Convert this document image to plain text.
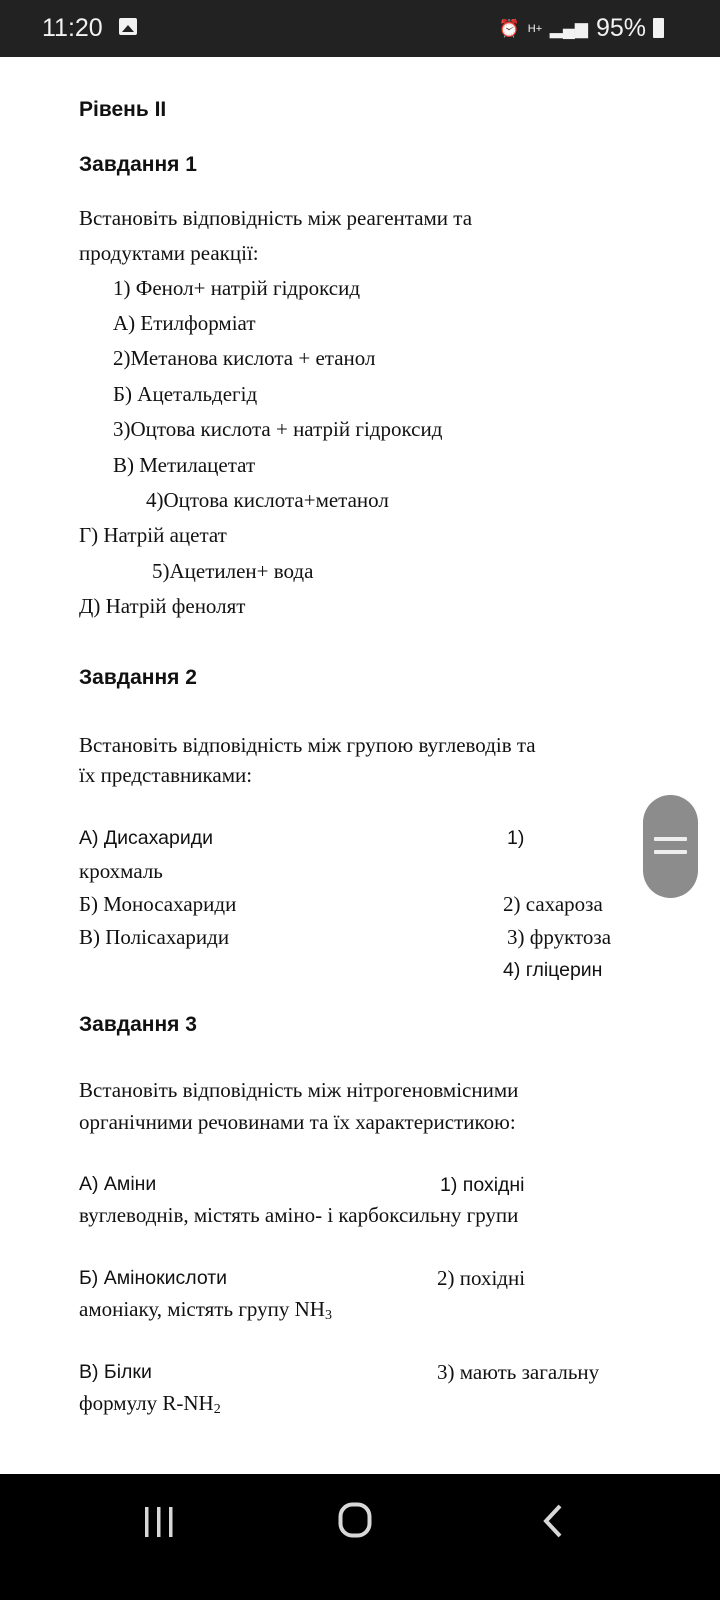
11:20	⏰ H+ ▂▄▆ 95%
Рівень ІІ
Завдання 1
Встановіть відповідність між реагентами та
продуктами реакції:
1) Фенол+ натрій гідроксид
А) Етилформіат
2)Метанова кислота + етанол
Б) Ацетальдегід
3)Оцтова кислота + натрій гідроксид
В) Метилацетат
4)Оцтова кислота+метанол
Г) Натрій ацетат
5)Ацетилен+ вода
Д) Натрій фенолят
Завдання 2
Встановіть відповідність між групою вуглеводів та
їх представниками:
А) Дисахариди	1)
крохмаль
Б) Моносахариди	2) сахароза
В) Полісахариди	3) фруктоза
4) гліцерин
Завдання 3
Встановіть відповідність між нітрогеновмісними
органічними речовинами та їх характеристикою:
А) Аміни	1) похідні
вуглеводнів, містять аміно- і карбоксильну групи
Б) Амінокислоти	2) похідні
амоніаку, містять групу $NH_3$
В) Білки	3) мають загальну
формулу $R-NH_2$
